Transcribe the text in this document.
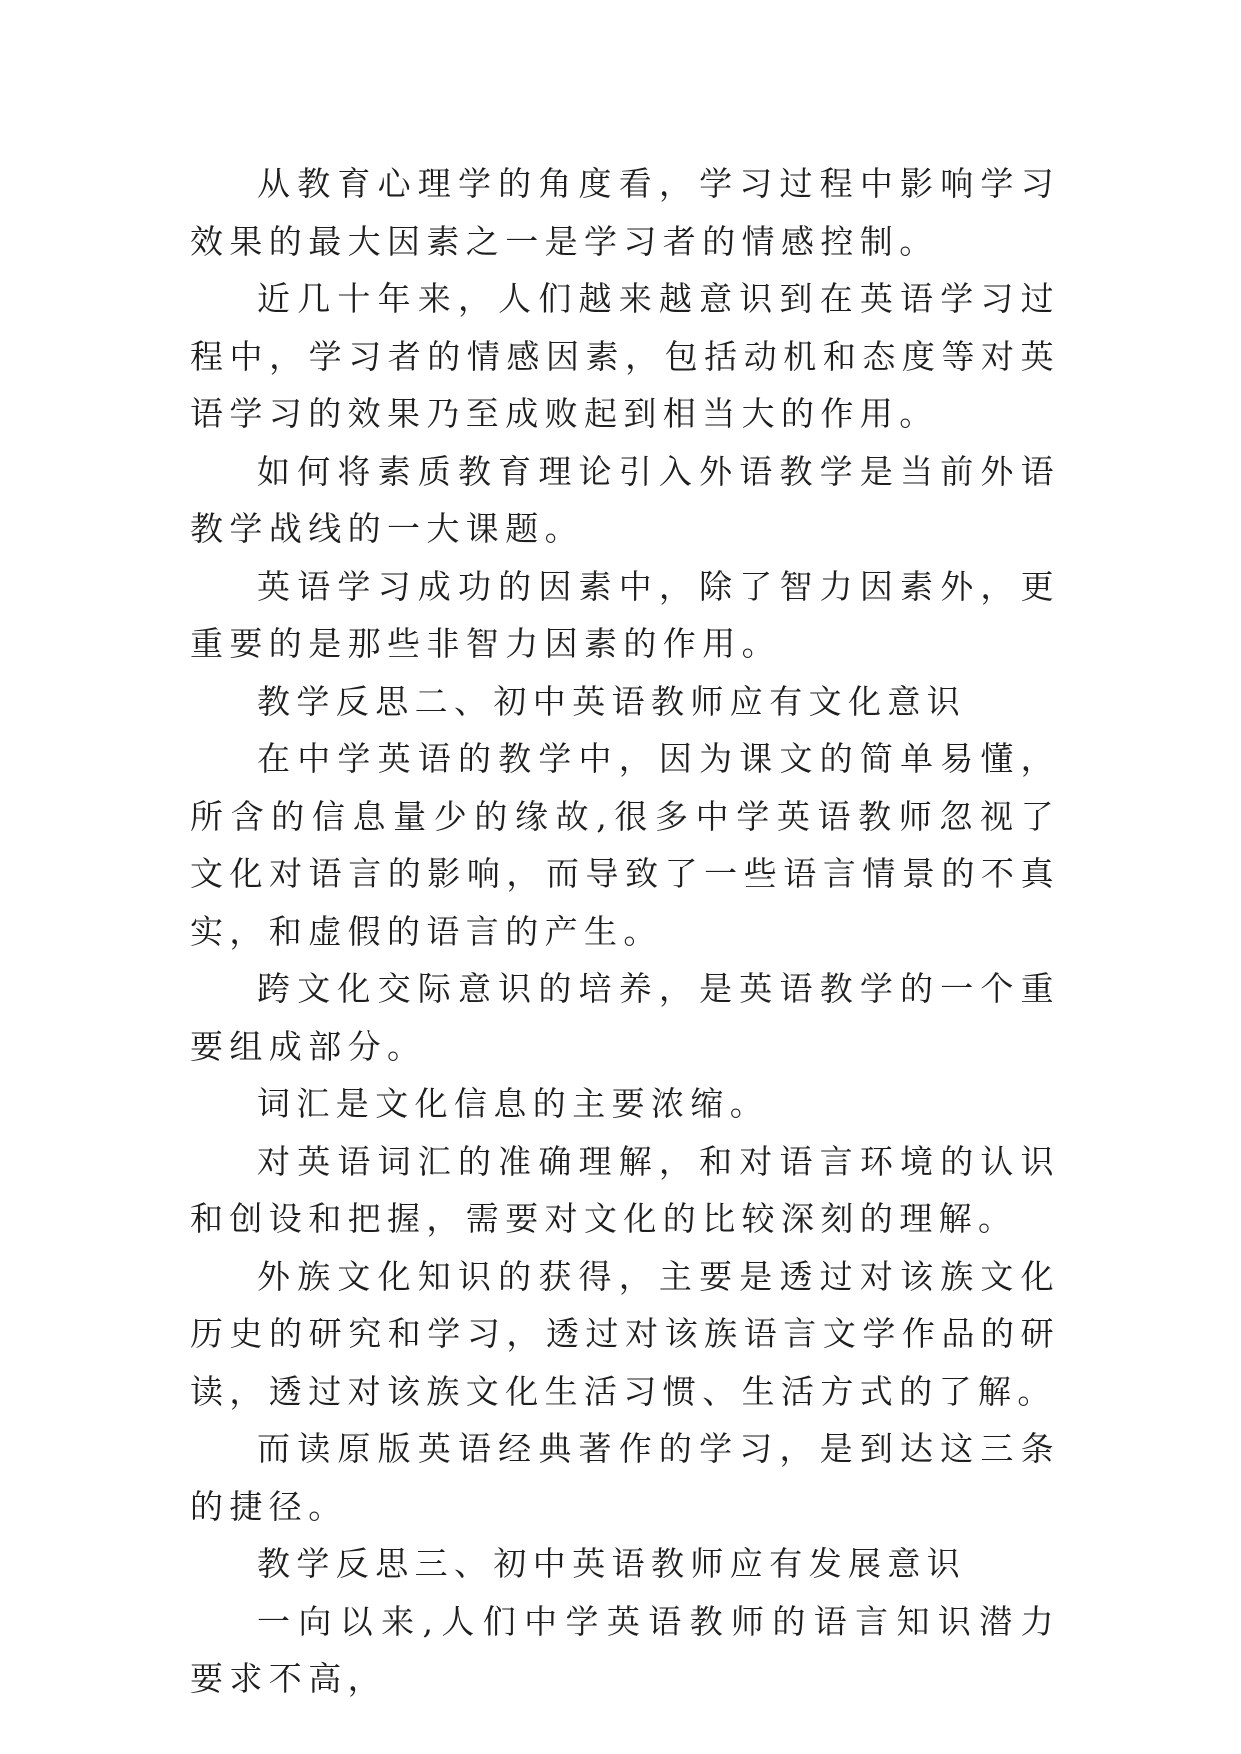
从教育心理学的角度看，学习过程中影响学习效果的最大因素之一是学习者的情感控制。

近几十年来，人们越来越意识到在英语学习过程中，学习者的情感因素，包括动机和态度等对英语学习的效果乃至成败起到相当大的作用。

如何将素质教育理论引入外语教学是当前外语教学战线的一大课题。

英语学习成功的因素中，除了智力因素外，更重要的是那些非智力因素的作用。

教学反思二、初中英语教师应有文化意识

在中学英语的教学中，因为课文的简单易懂，所含的信息量少的缘故,很多中学英语教师忽视了文化对语言的影响，而导致了一些语言情景的不真实，和虚假的语言的产生。

跨文化交际意识的培养，是英语教学的一个重要组成部分。

词汇是文化信息的主要浓缩。

对英语词汇的准确理解，和对语言环境的认识和创设和把握，需要对文化的比较深刻的理解。

外族文化知识的获得，主要是透过对该族文化历史的研究和学习，透过对该族语言文学作品的研读，透过对该族文化生活习惯、生活方式的了解。

而读原版英语经典著作的学习，是到达这三条的捷径。

教学反思三、初中英语教师应有发展意识

一向以来,人们中学英语教师的语言知识潜力要求不高，
